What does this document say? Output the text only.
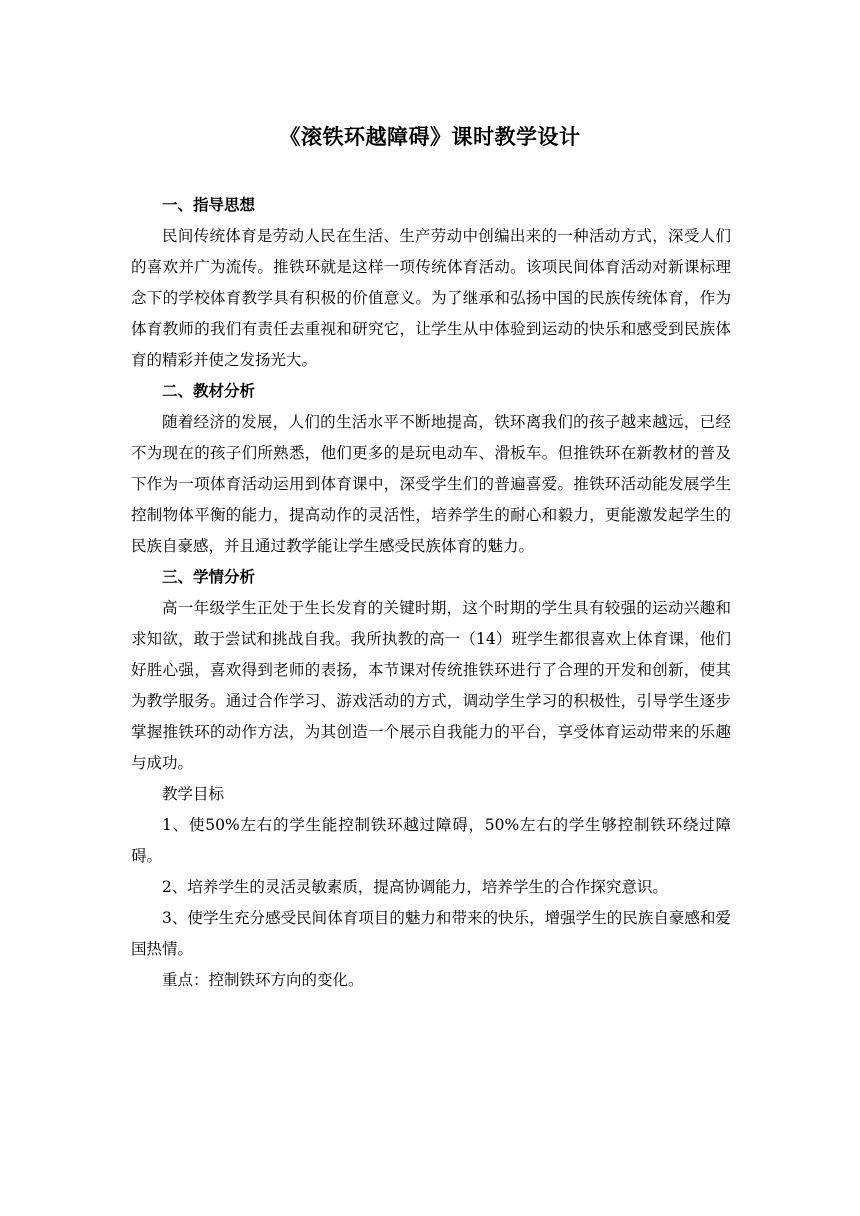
《滚铁环越障碍》课时教学设计

一、指导思想

民间传统体育是劳动人民在生活、生产劳动中创编出来的一种活动方式，深受人们的喜欢并广为流传。推铁环就是这样一项传统体育活动。该项民间体育活动对新课标理念下的学校体育教学具有积极的价值意义。为了继承和弘扬中国的民族传统体育，作为体育教师的我们有责任去重视和研究它，让学生从中体验到运动的快乐和感受到民族体育的精彩并使之发扬光大。

二、教材分析

随着经济的发展，人们的生活水平不断地提高，铁环离我们的孩子越来越远，已经不为现在的孩子们所熟悉，他们更多的是玩电动车、滑板车。但推铁环在新教材的普及下作为一项体育活动运用到体育课中，深受学生们的普遍喜爱。推铁环活动能发展学生控制物体平衡的能力，提高动作的灵活性，培养学生的耐心和毅力，更能激发起学生的民族自豪感，并且通过教学能让学生感受民族体育的魅力。

三、学情分析

高一年级学生正处于生长发育的关键时期，这个时期的学生具有较强的运动兴趣和求知欲，敢于尝试和挑战自我。我所执教的高一（14）班学生都很喜欢上体育课，他们好胜心强，喜欢得到老师的表扬，本节课对传统推铁环进行了合理的开发和创新，使其为教学服务。通过合作学习、游戏活动的方式，调动学生学习的积极性，引导学生逐步掌握推铁环的动作方法，为其创造一个展示自我能力的平台，享受体育运动带来的乐趣与成功。

教学目标

1、使50%左右的学生能控制铁环越过障碍，50%左右的学生够控制铁环绕过障碍。

2、培养学生的灵活灵敏素质，提高协调能力，培养学生的合作探究意识。

3、使学生充分感受民间体育项目的魅力和带来的快乐，增强学生的民族自豪感和爱国热情。

重点：控制铁环方向的变化。
